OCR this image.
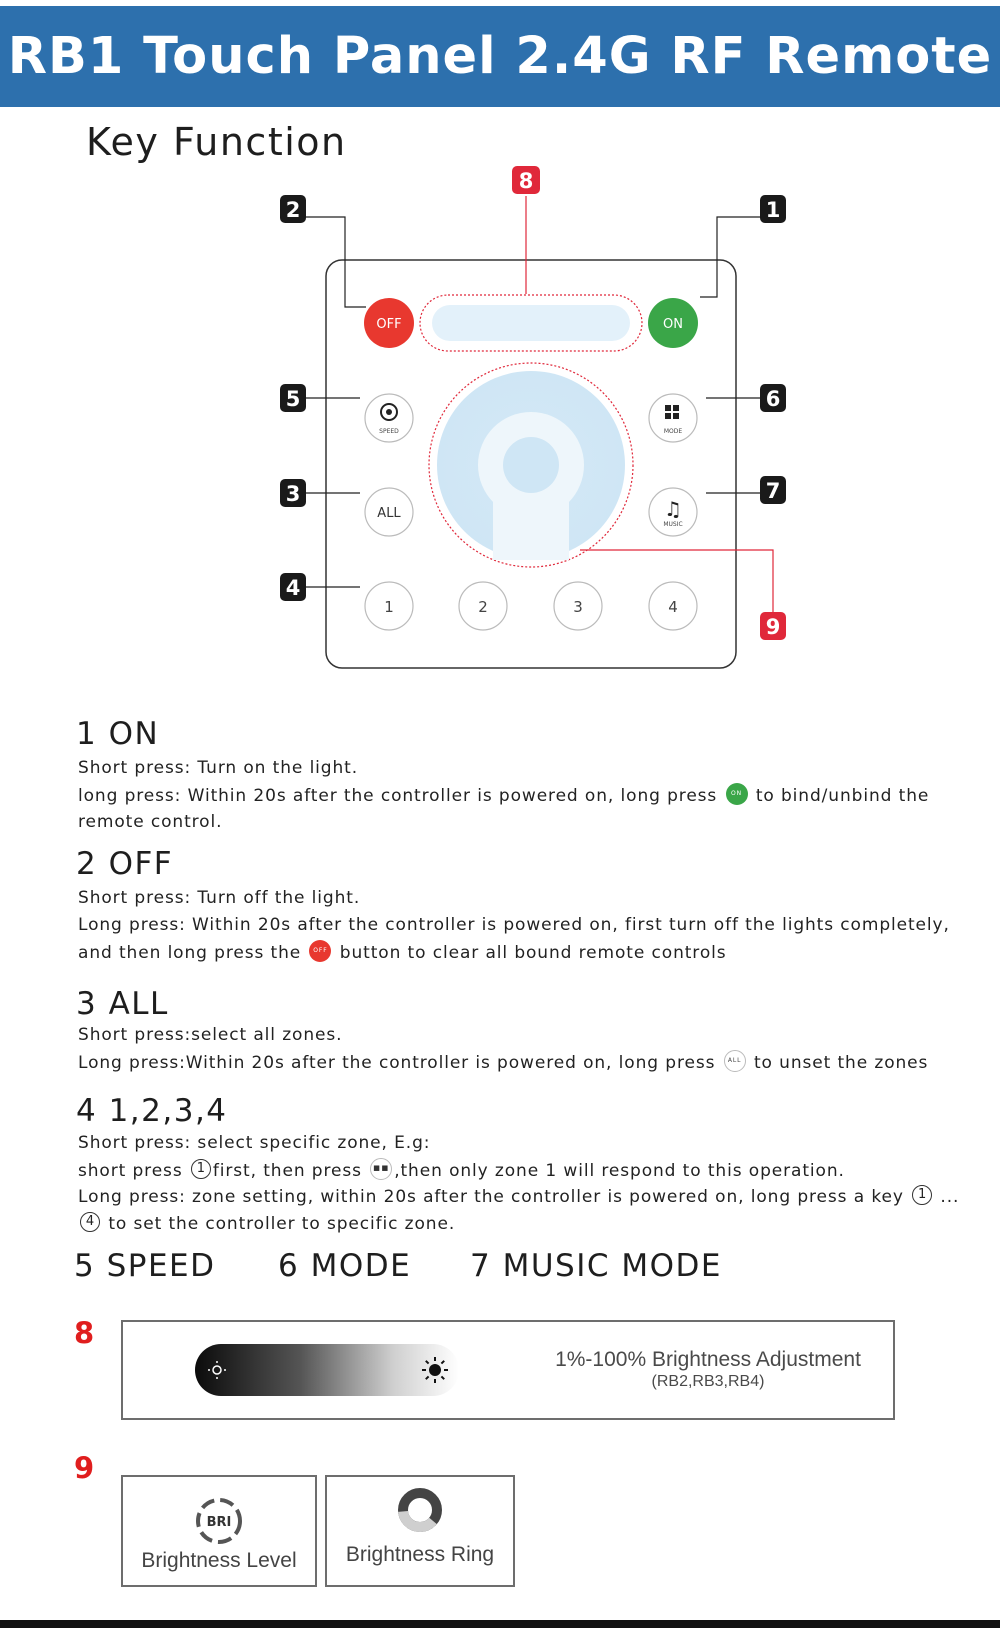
RB1 Touch Panel 2.4G RF Remote
Key Function
OFF	ON
SPEED	MODE
ALL	♫
MUSIC
1	2	3	4
2	1
8
5	6
3	7
4
9
1 ON

Short press: Turn on the light.

long press: Within 20s after the controller is powered on, long press ON to bind/unbind the

remote control.

2 OFF

Short press: Turn off the light.

Long press: Within 20s after the controller is powered on, first turn off the lights completely,

and then long press the OFF button to clear all bound remote controls

3 ALL

Short press:select all zones.

Long press:Within 20s after the controller is powered on, long press ALL to unset the zones

4 1,2,3,4

Short press: select specific zone, E.g:

short press 1 first, then press ▪▪ ,then only zone 1 will respond to this operation.

Long press: zone setting, within 20s after the controller is powered on, long press a key 1 ...

4 to set the controller to specific zone.

5 SPEED	6 MODE	7 MUSIC MODE

8

1%-100% Brightness Adjustment
(RB2,RB3,RB4)

9

BRI

Brightness Level	Brightness Ring
